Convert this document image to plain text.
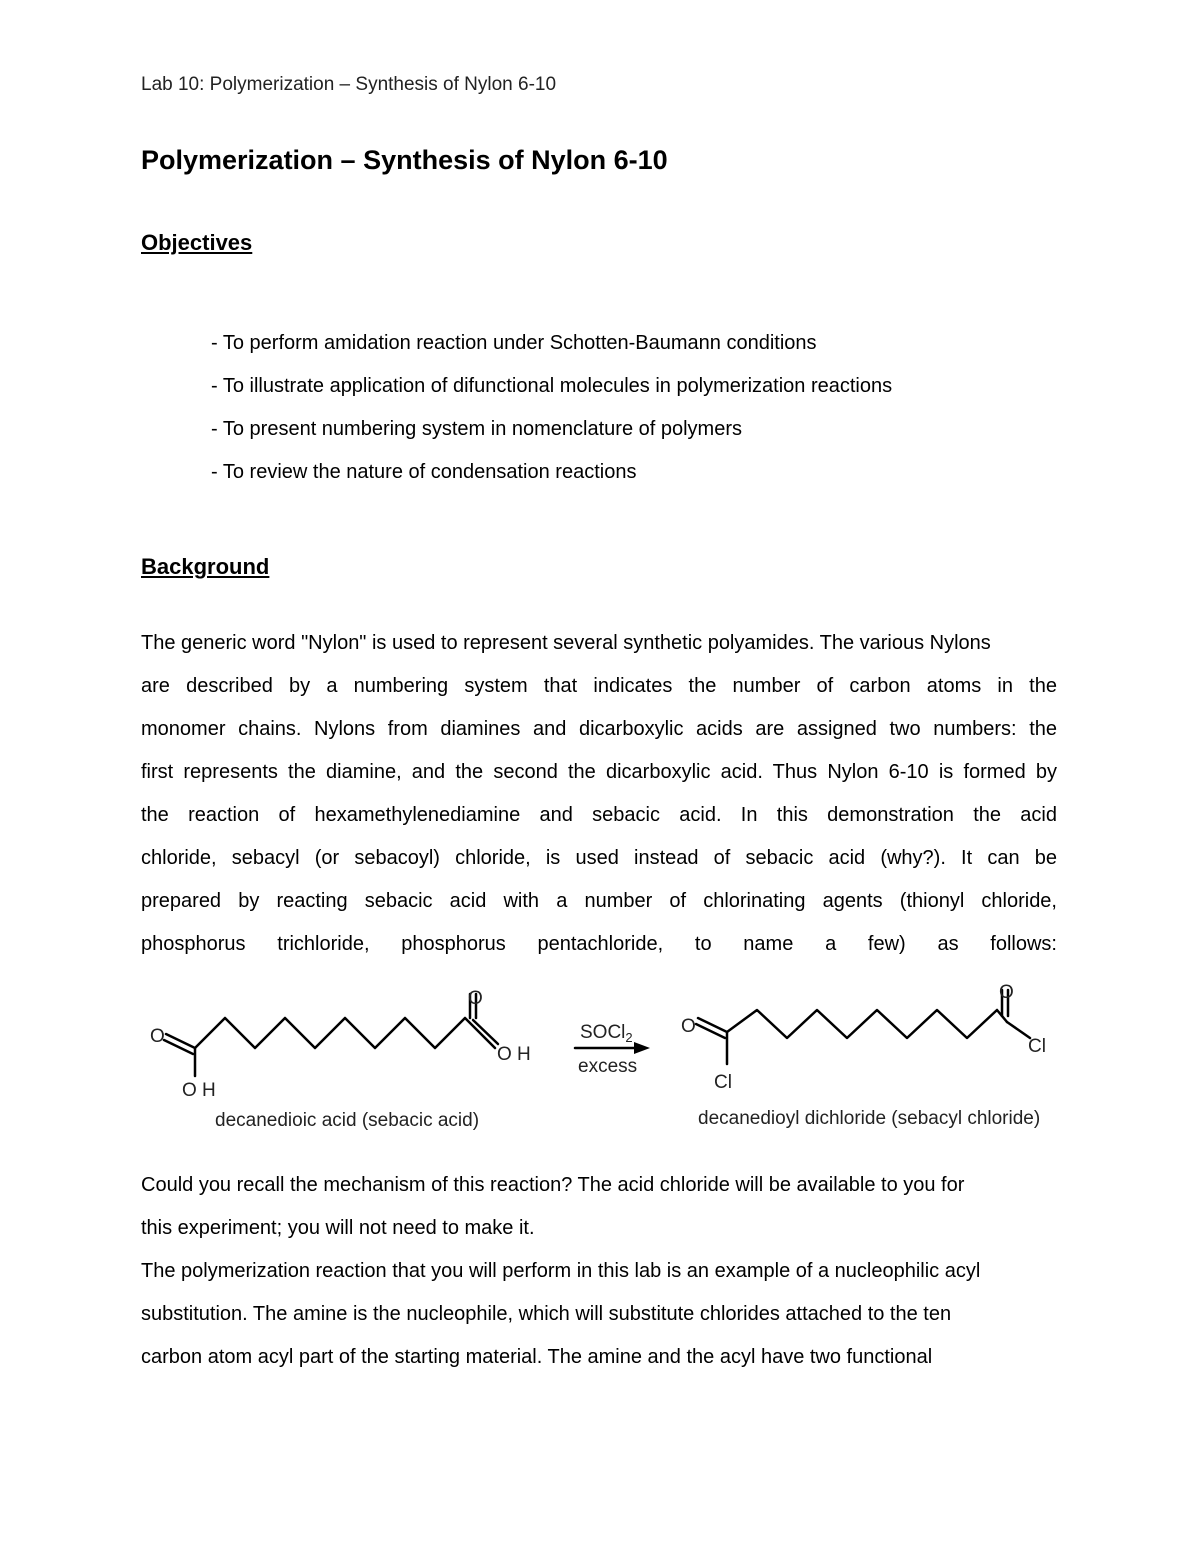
Lab 10: Polymerization – Synthesis of Nylon 6-10
Polymerization – Synthesis of Nylon 6-10
Objectives
- To perform amidation reaction under Schotten-Baumann conditions
- To illustrate application of difunctional molecules in polymerization reactions
- To present numbering system in nomenclature of polymers
- To review the nature of condensation reactions
Background
The generic word "Nylon" is used to represent several synthetic polyamides. The various Nylons
are described by a numbering system that indicates the number of carbon atoms in the
monomer chains. Nylons from diamines and dicarboxylic acids are assigned two numbers: the
first represents the diamine, and the second the dicarboxylic acid. Thus Nylon 6-10 is formed by
the reaction of hexamethylenediamine and sebacic acid. In this demonstration the acid
chloride, sebacyl (or sebacoyl) chloride, is used instead of sebacic acid (why?). It can be
prepared by reacting sebacic acid with a number of chlorinating agents (thionyl chloride,
phosphorus trichloride, phosphorus pentachloride, to name a few) as follows:
O
O
O H
O H
decanedioic acid (sebacic acid)
SOCl$_2$
excess
O
O
Cl
Cl
decanedioyl dichloride (sebacyl chloride)
Could you recall the mechanism of this reaction? The acid chloride will be available to you for
this experiment; you will not need to make it.
The polymerization reaction that you will perform in this lab is an example of a nucleophilic acyl
substitution. The amine is the nucleophile, which will substitute chlorides attached to the ten
carbon atom acyl part of the starting material. The amine and the acyl have two functional
